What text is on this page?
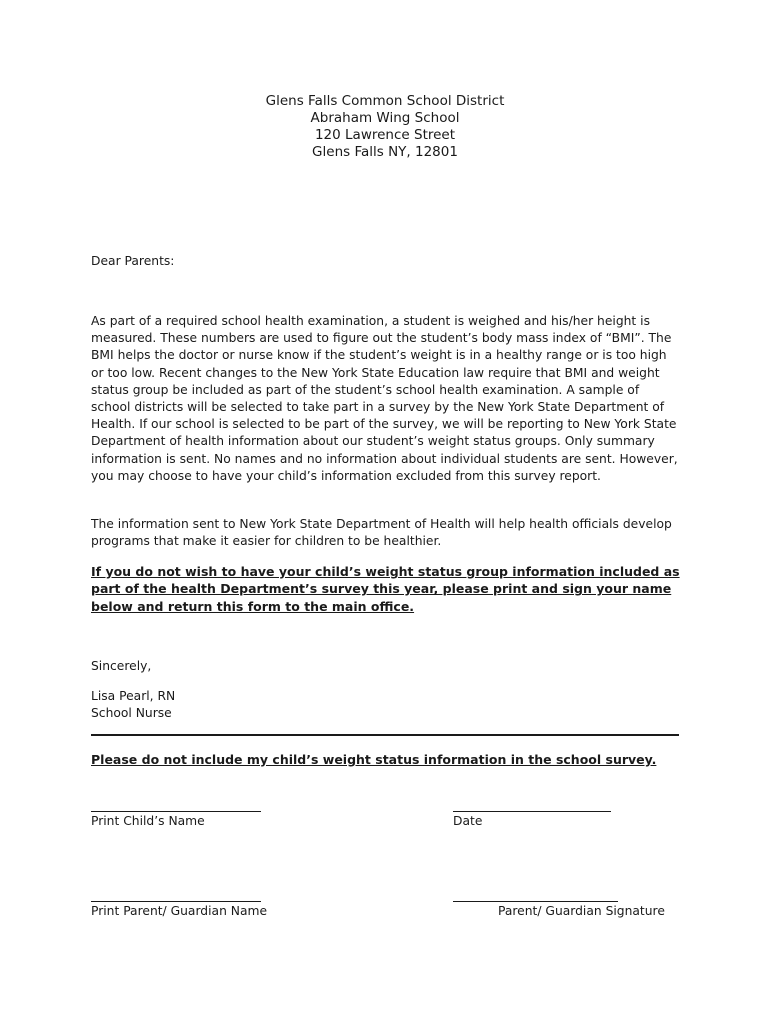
Glens Falls Common School District
Abraham Wing School
120 Lawrence Street
Glens Falls NY, 12801
Dear Parents:
As part of a required school health examination, a student is weighed and his/her height is measured. These numbers are used to figure out the student’s body mass index of “BMI”. The BMI helps the doctor or nurse know if the student’s weight is in a healthy range or is too high or too low. Recent changes to the New York State Education law require that BMI and weight status group be included as part of the student’s school health examination. A sample of school districts will be selected to take part in a survey by the New York State Department of Health. If our school is selected to be part of the survey, we will be reporting to New York State Department of health information about our student’s weight status groups. Only summary information is sent. No names and no information about individual students are sent. However, you may choose to have your child’s information excluded from this survey report.
The information sent to New York State Department of Health will help health officials develop programs that make it easier for children to be healthier.
If you do not wish to have your child’s weight status group information included as part of the health Department’s survey this year, please print and sign your name below and return this form to the main office.
Sincerely,
Lisa Pearl, RN
School Nurse
Please do not include my child’s weight status information in the school survey.
Print Child’s Name	Date
Print Parent/ Guardian Name	Parent/ Guardian Signature
